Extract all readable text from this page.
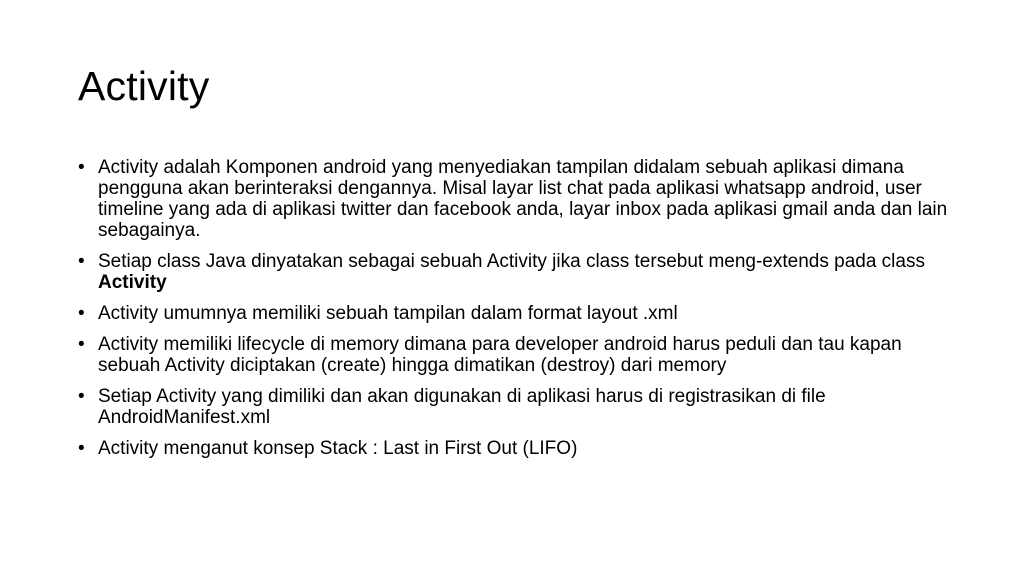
Activity
• Activity adalah Komponen android yang menyediakan tampilan didalam sebuah aplikasi dimana pengguna akan berinteraksi dengannya. Misal layar list chat pada aplikasi whatsapp android, user timeline yang ada di aplikasi twitter dan facebook anda, layar inbox pada aplikasi gmail anda dan lain sebagainya.
• Setiap class Java dinyatakan sebagai sebuah Activity jika class tersebut meng-extends pada class Activity
• Activity umumnya memiliki sebuah tampilan dalam format layout .xml
• Activity memiliki lifecycle di memory dimana para developer android harus peduli dan tau kapan sebuah Activity diciptakan (create) hingga dimatikan (destroy) dari memory
• Setiap Activity yang dimiliki dan akan digunakan di aplikasi harus di registrasikan di file AndroidManifest.xml
• Activity menganut konsep Stack : Last in First Out (LIFO)
